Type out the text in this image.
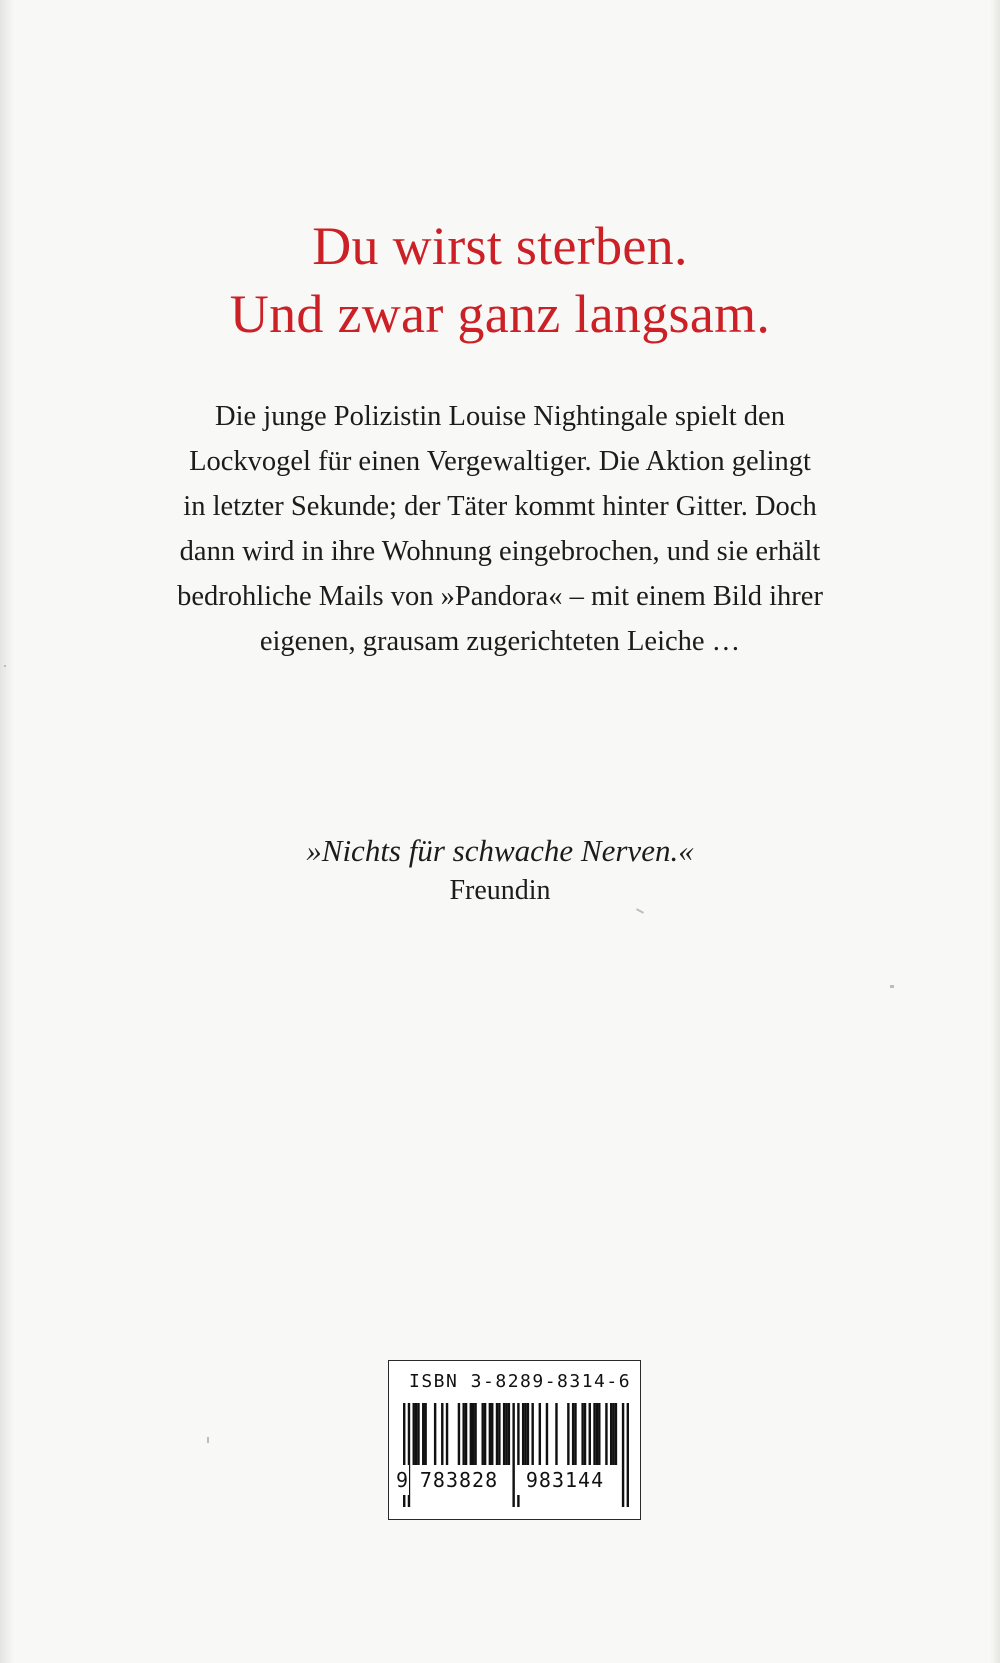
Du wirst sterben.
Und zwar ganz langsam.
Die junge Polizistin Louise Nightingale spielt den
Lockvogel für einen Vergewaltiger. Die Aktion gelingt
in letzter Sekunde; der Täter kommt hinter Gitter. Doch
dann wird in ihre Wohnung eingebrochen, und sie erhält
bedrohliche Mails von »Pandora« – mit einem Bild ihrer
eigenen, grausam zugerichteten Leiche …
»Nichts für schwache Nerven.«
Freundin
ISBN 3-8289-8314-6
9 783828	983144
